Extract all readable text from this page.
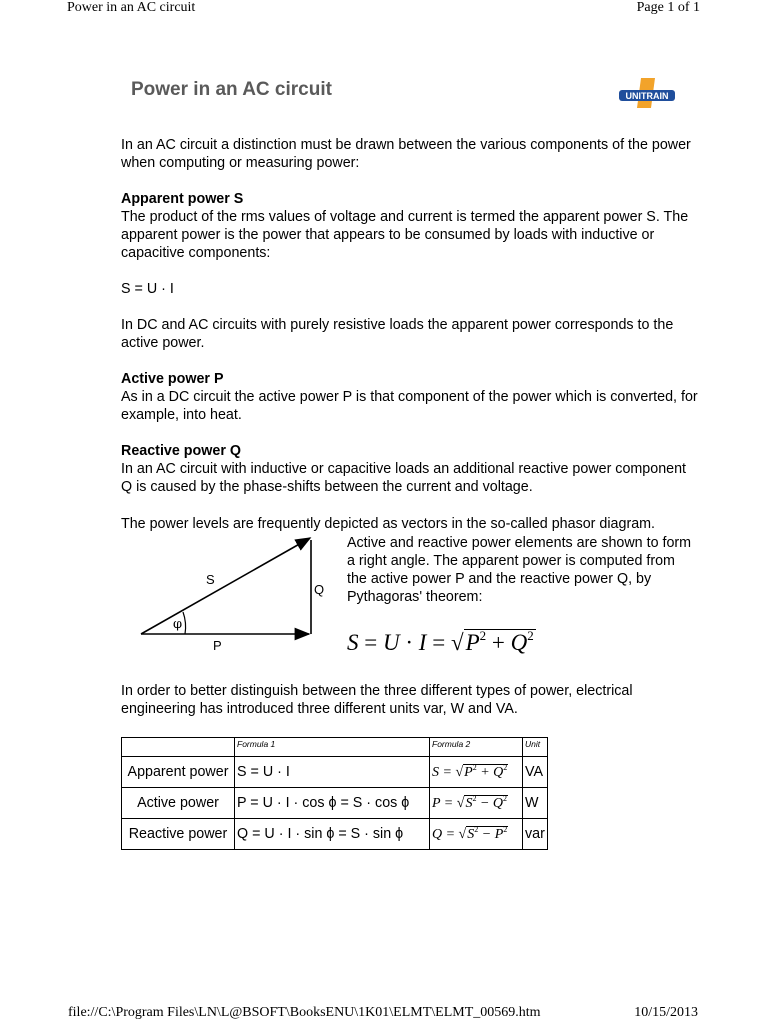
Power in an AC circuit	Page 1 of 1
Power in an AC circuit	UNITRAIN

In an AC circuit a distinction must be drawn between the various components of the power when computing or measuring power:

Apparent power S

The product of the rms values of voltage and current is termed the apparent power S. The apparent power is the power that appears to be consumed by loads with inductive or capacitive components:

S = U · I

In DC and AC circuits with purely resistive loads the apparent power corresponds to the active power.

Active power P

As in a DC circuit the active power P is that component of the power which is converted, for example, into heat.

Reactive power Q

In an AC circuit with inductive or capacitive loads an additional reactive power component Q is caused by the phase-shifts between the current and voltage.

The power levels are frequently depicted as vectors in the so-called phasor diagram.
φ
S
Q
P
Active and reactive power elements are shown to form a right angle. The apparent power is computed from the active power P and the reactive power Q, by Pythagoras' theorem:
$S = U \cdot I = √P^2 + Q^2$
In order to better distinguish between the three different types of power, electrical engineering has introduced three different units var, W and VA.
	Formula 1	Formula 2	Unit
Apparent power	S = U · I	$S = √P^2 + Q^2$	VA
Active power	P = U · I · cos ϕ = S · cos ϕ	$P = √S^2 - Q^2$	W
Reactive power	Q = U · I · sin ϕ = S · sin ϕ	$Q = √S^2 - P^2$	var
file://C:\Program Files\LN\L@BSOFT\BooksENU\1K01\ELMT\ELMT_00569.htm	10/15/2013
